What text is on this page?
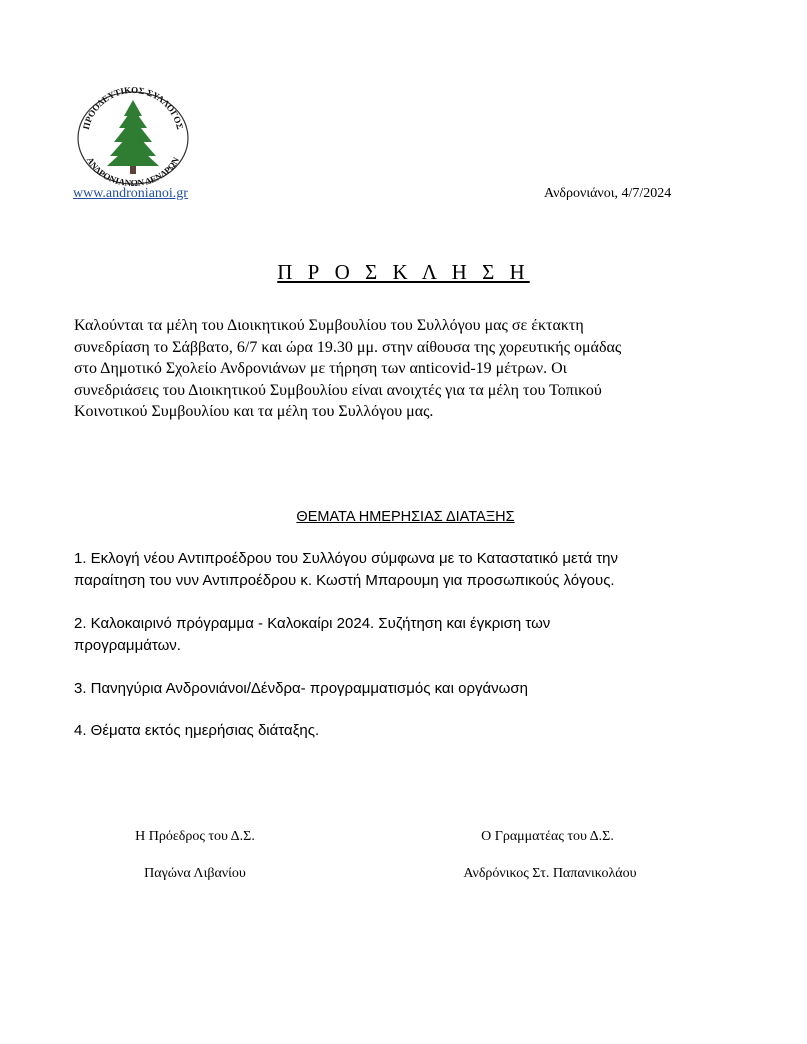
ΠΡΟΟΔΕΥΤΙΚΟΣ ΣΥΛΛΟΓΟΣ
ΑΝΔΡΟΝΙΑΝΩΝ ΔΕΝΔΡΩΝ
www.andronianoi.gr	Ανδρονιάνοι, 4/7/2024
Π Ρ Ο Σ Κ Λ Η Σ Η
Καλούνται τα μέλη του Διοικητικού Συμβουλίου του Συλλόγου μας σε έκτακτη
συνεδρίαση το Σάββατο, 6/7 και ώρα 19.30 μμ. στην αίθουσα της χορευτικής ομάδας
στο Δημοτικό Σχολείο Ανδρονιάνων με τήρηση των αnticovid-19 μέτρων. Οι
συνεδριάσεις του Διοικητικού Συμβουλίου είναι ανοιχτές για τα μέλη του Τοπικού
Κοινοτικού Συμβουλίου και τα μέλη του Συλλόγου μας.
ΘΕΜΑΤΑ ΗΜΕΡΗΣΙΑΣ ΔΙΑΤΑΞΗΣ
1. Εκλογή νέου Αντιπροέδρου του Συλλόγου σύμφωνα με το Καταστατικό μετά την
παραίτηση του νυν Αντιπροέδρου κ. Κωστή Μπαρουμη για προσωπικούς λόγους.
2. Καλοκαιρινό πρόγραμμα - Καλοκαίρι 2024. Συζήτηση και έγκριση των
προγραμμάτων.
3. Πανηγύρια Ανδρονιάνοι/Δένδρα- προγραμματισμός και οργάνωση
4. Θέματα εκτός ημερήσιας διάταξης.
Η Πρόεδρος του Δ.Σ.
Παγώνα Λιβανίου
Ο Γραμματέας του Δ.Σ.
Ανδρόνικος Στ. Παπανικολάου
